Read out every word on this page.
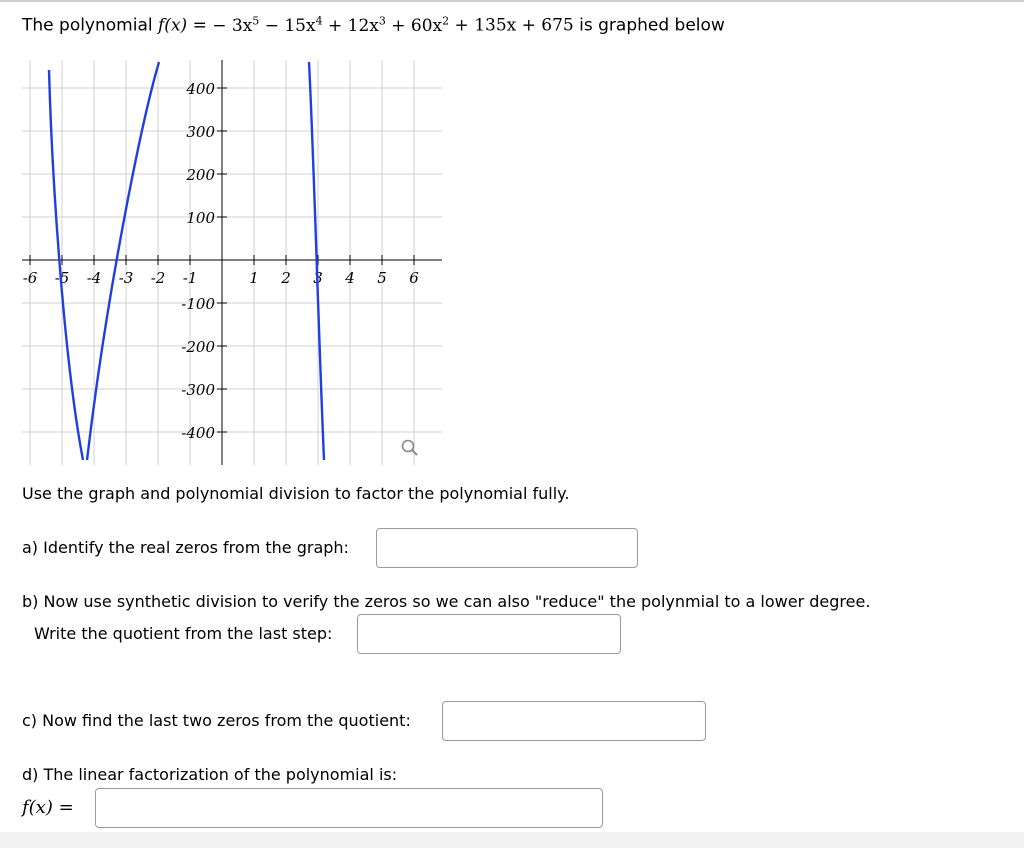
The polynomial f(x) = − $3x^5 - 15x^4 + 12x^3 + 60x^2 + 135x + 675$ is graphed below
-6 -5 -4 -3 -2 -1	1 2 3 4 5 6
400
300
200
100
-100
-200
-300
-400
Use the graph and polynomial division to factor the polynomial fully.
a) Identify the real zeros from the graph:
b) Now use synthetic division to verify the zeros so we can also "reduce" the polynmial to a lower degree.
Write the quotient from the last step:
c) Now find the last two zeros from the quotient:
d) The linear factorization of the polynomial is:
f(x) =
